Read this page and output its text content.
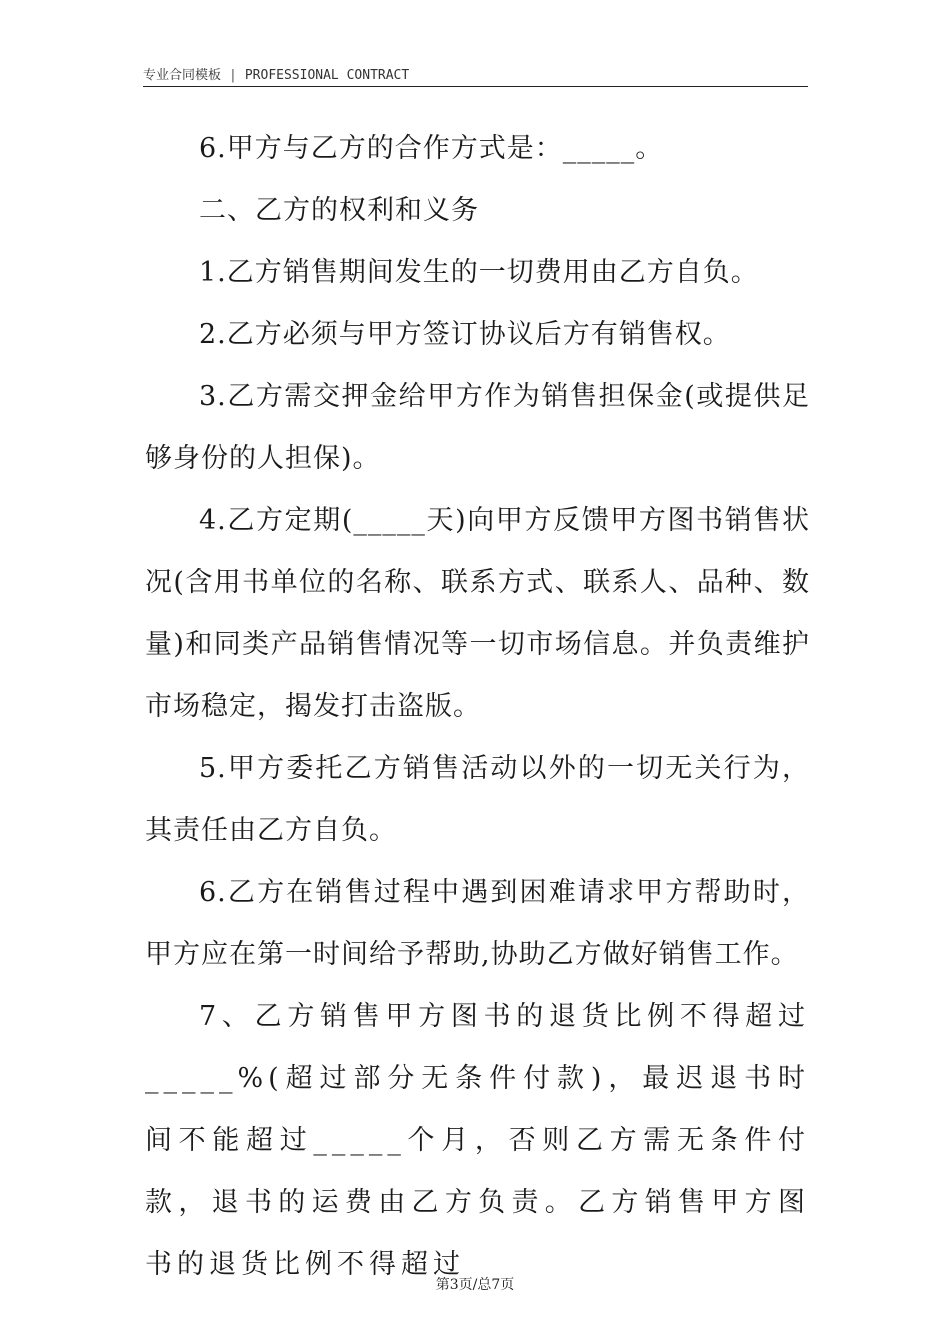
专业合同模板 | PROFESSIONAL CONTRACT

6.甲方与乙方的合作方式是：_____。

二、乙方的权利和义务

1.乙方销售期间发生的一切费用由乙方自负。

2.乙方必须与甲方签订协议后方有销售权。

3.乙方需交押金给甲方作为销售担保金(或提供足够身份的人担保)。

4.乙方定期(_____天)向甲方反馈甲方图书销售状况(含用书单位的名称、联系方式、联系人、品种、数量)和同类产品销售情况等一切市场信息。并负责维护市场稳定，揭发打击盗版。

5.甲方委托乙方销售活动以外的一切无关行为，其责任由乙方自负。

6.乙方在销售过程中遇到困难请求甲方帮助时，甲方应在第一时间给予帮助,协助乙方做好销售工作。

7、乙方销售甲方图书的退货比例不得超过_____%(超过部分无条件付款)，最迟退书时间不能超过_____个月，否则乙方需无条件付款，退书的运费由乙方负责。乙方销售甲方图书的退货比例不得超过

第3页/总7页
